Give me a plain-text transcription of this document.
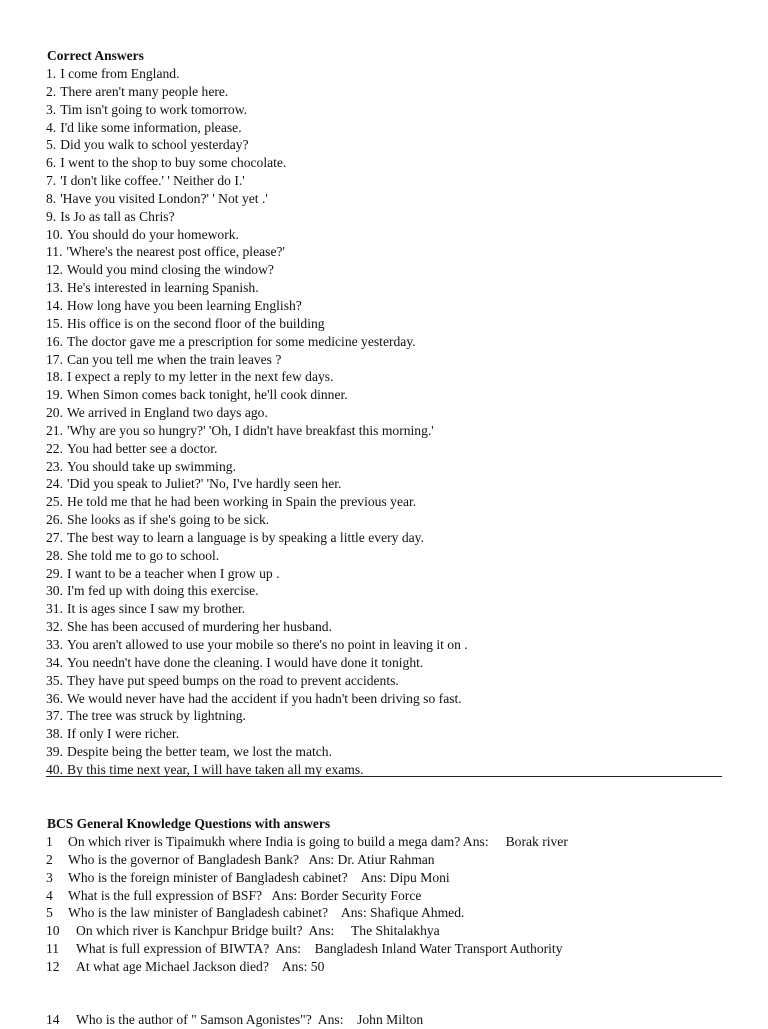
Correct Answers
1. I come from England.
2. There aren't many people here.
3. Tim isn't going to work tomorrow.
4. I'd like some information, please.
5. Did you walk to school yesterday?
6. I went to the shop to buy some chocolate.
7. 'I don't like coffee.' ' Neither do I.'
8. 'Have you visited London?' ' Not yet .'
9. Is Jo as tall as Chris?
10. You should do your homework.
11. 'Where's the nearest post office, please?'
12. Would you mind closing the window?
13. He's interested in learning Spanish.
14. How long have you been learning English?
15. His office is on the second floor of the building
16. The doctor gave me a prescription for some medicine yesterday.
17. Can you tell me when the train leaves ?
18. I expect a reply to my letter in the next few days.
19. When Simon comes back tonight, he'll cook dinner.
20. We arrived in England two days ago.
21. 'Why are you so hungry?' 'Oh, I didn't have breakfast this morning.'
22. You had better see a doctor.
23. You should take up swimming.
24. 'Did you speak to Juliet?' 'No, I've hardly seen her.
25. He told me that he had been working in Spain the previous year.
26. She looks as if she's going to be sick.
27. The best way to learn a language is by speaking a little every day.
28. She told me to go to school.
29. I want to be a teacher when I grow up .
30. I'm fed up with doing this exercise.
31. It is ages since I saw my brother.
32. She has been accused of murdering her husband.
33. You aren't allowed to use your mobile so there's no point in leaving it on .
34. You needn't have done the cleaning. I would have done it tonight.
35. They have put speed bumps on the road to prevent accidents.
36. We would never have had the accident if you hadn't been driving so fast.
37. The tree was struck by lightning.
38. If only I were richer.
39. Despite being the better team, we lost the match.
40. By this time next year, I will have taken all my exams.
BCS General Knowledge Questions with answers
1 On which river is Tipaimukh where India is going to build a mega dam? Ans:     Borak river
2 Who is the governor of Bangladesh Bank?   Ans: Dr. Atiur Rahman
3 Who is the foreign minister of Bangladesh cabinet?    Ans: Dipu Moni
4 What is the full expression of BSF?   Ans: Border Security Force
5 Who is the law minister of Bangladesh cabinet?    Ans: Shafique Ahmed.
10 On which river is Kanchpur Bridge built?  Ans:     The Shitalakhya
11 What is full expression of BIWTA?  Ans:    Bangladesh Inland Water Transport Authority
12 At what age Michael Jackson died?    Ans: 50
14 Who is the author of " Samson Agonistes"?  Ans:    John Milton
